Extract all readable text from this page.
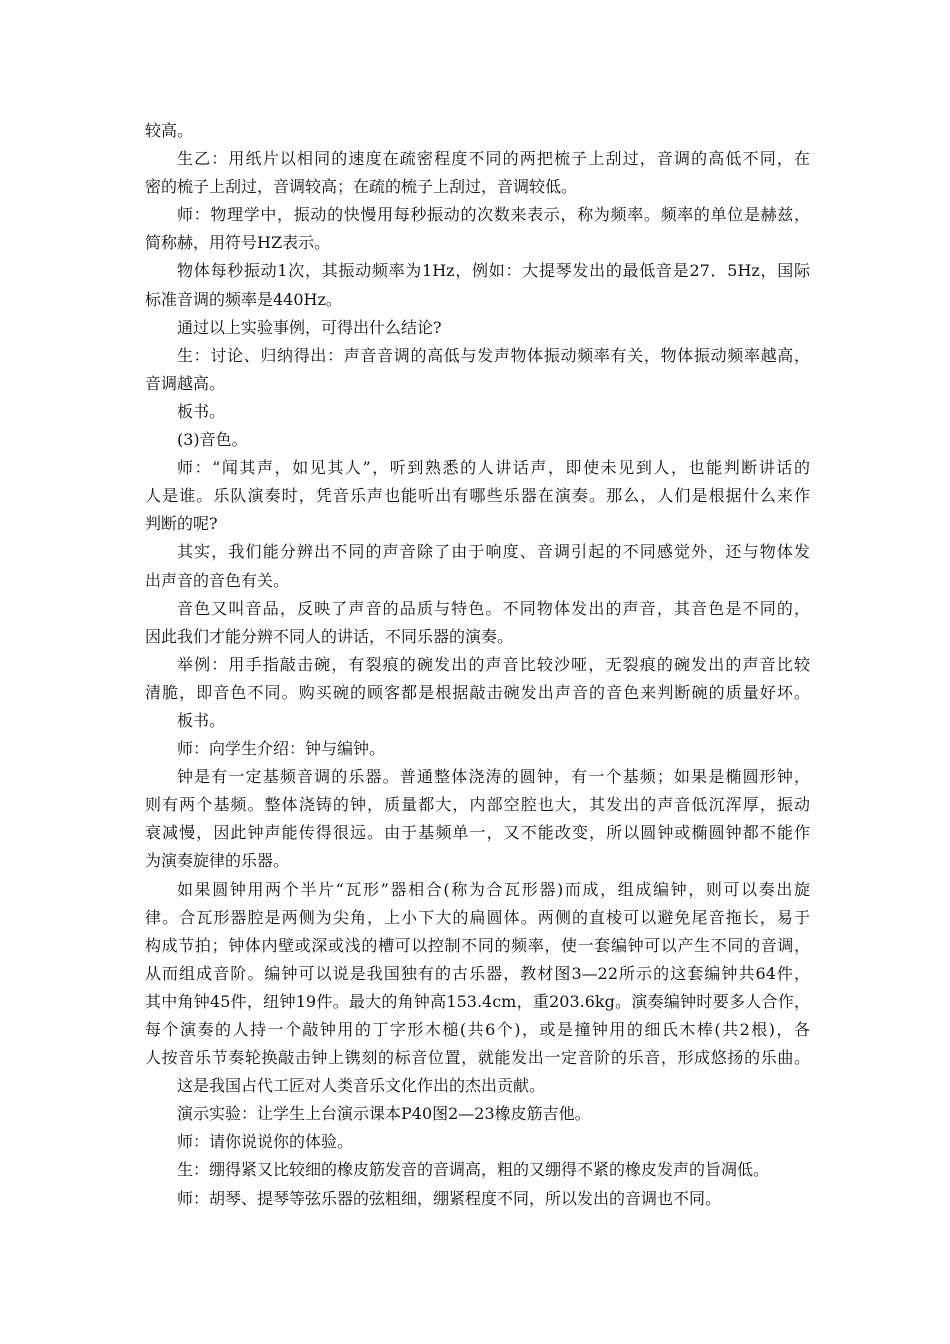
较高。
生乙：用纸片以相同的速度在疏密程度不同的两把梳子上刮过，音调的高低不同，在
密的梳子上刮过，音调较高；在疏的梳子上刮过，音调较低。
师：物理学中，振动的快慢用每秒振动的次数来表示，称为频率。频率的单位是赫兹，
简称赫，用符号HZ表示。
物体每秒振动1次，其振动频率为1Hz，例如：大提琴发出的最低音是27．5Hz，国际
标准音调的频率是440Hz。
通过以上实验事例，可得出什么结论?
生：讨论、归纳得出：声音音调的高低与发声物体振动频率有关，物体振动频率越高，
音调越高。
板书。
(3)音色。
师：“闻其声，如见其人”，听到熟悉的人讲话声，即使未见到人，也能判断讲话的
人是谁。乐队演奏时，凭音乐声也能听出有哪些乐器在演奏。那么，人们是根据什么来作
判断的呢?
其实，我们能分辨出不同的声音除了由于响度、音调引起的不同感觉外，还与物体发
出声音的音色有关。
音色又叫音品，反映了声音的品质与特色。不同物体发出的声音，其音色是不同的，
因此我们才能分辨不同人的讲话，不同乐器的演奏。
举例：用手指敲击碗，有裂痕的碗发出的声音比较沙哑，无裂痕的碗发出的声音比较
清脆，即音色不同。购买碗的顾客都是根据敲击碗发出声音的音色来判断碗的质量好坏。
板书。
师：向学生介绍：钟与编钟。
钟是有一定基频音调的乐器。普通整体浇涛的圆钟，有一个基频；如果是椭圆形钟，
则有两个基频。整体浇铸的钟，质量都大，内部空腔也大，其发出的声音低沉浑厚，振动
衰减慢，因此钟声能传得很远。由于基频单一，又不能改变，所以圆钟或椭圆钟都不能作
为演奏旋律的乐器。
如果圆钟用两个半片“瓦形”器相合(称为合瓦形器)而成，组成编钟，则可以奏出旋
律。合瓦形器腔是两侧为尖角，上小下大的扁圆体。两侧的直棱可以避免尾音拖长，易于
构成节拍；钟体内壁或深或浅的槽可以控制不同的频率，使一套编钟可以产生不同的音调，
从而组成音阶。编钟可以说是我国独有的古乐器，教材图3—22所示的这套编钟共64件，
其中角钟45件，纽钟19件。最大的角钟高153.4cm，重203.6kg。演奏编钟时要多人合作，
每个演奏的人持一个敲钟用的丁字形木槌(共6个)，或是撞钟用的细氏木棒(共2根)，各
人按音乐节奏轮换敲击钟上镌刻的标音位置，就能发出一定音阶的乐音，形成悠扬的乐曲。
这是我国占代工匠对人类音乐文化作出的杰出贡献。
演示实验：让学生上台演示课本P40图2—23橡皮筋吉他。
师：请你说说你的体验。
生：绷得紧又比较细的橡皮筋发音的音调高，粗的又绷得不紧的橡皮发声的旨凋低。
师：胡琴、提琴等弦乐器的弦粗细，绷紧程度不同，所以发出的音调也不同。
